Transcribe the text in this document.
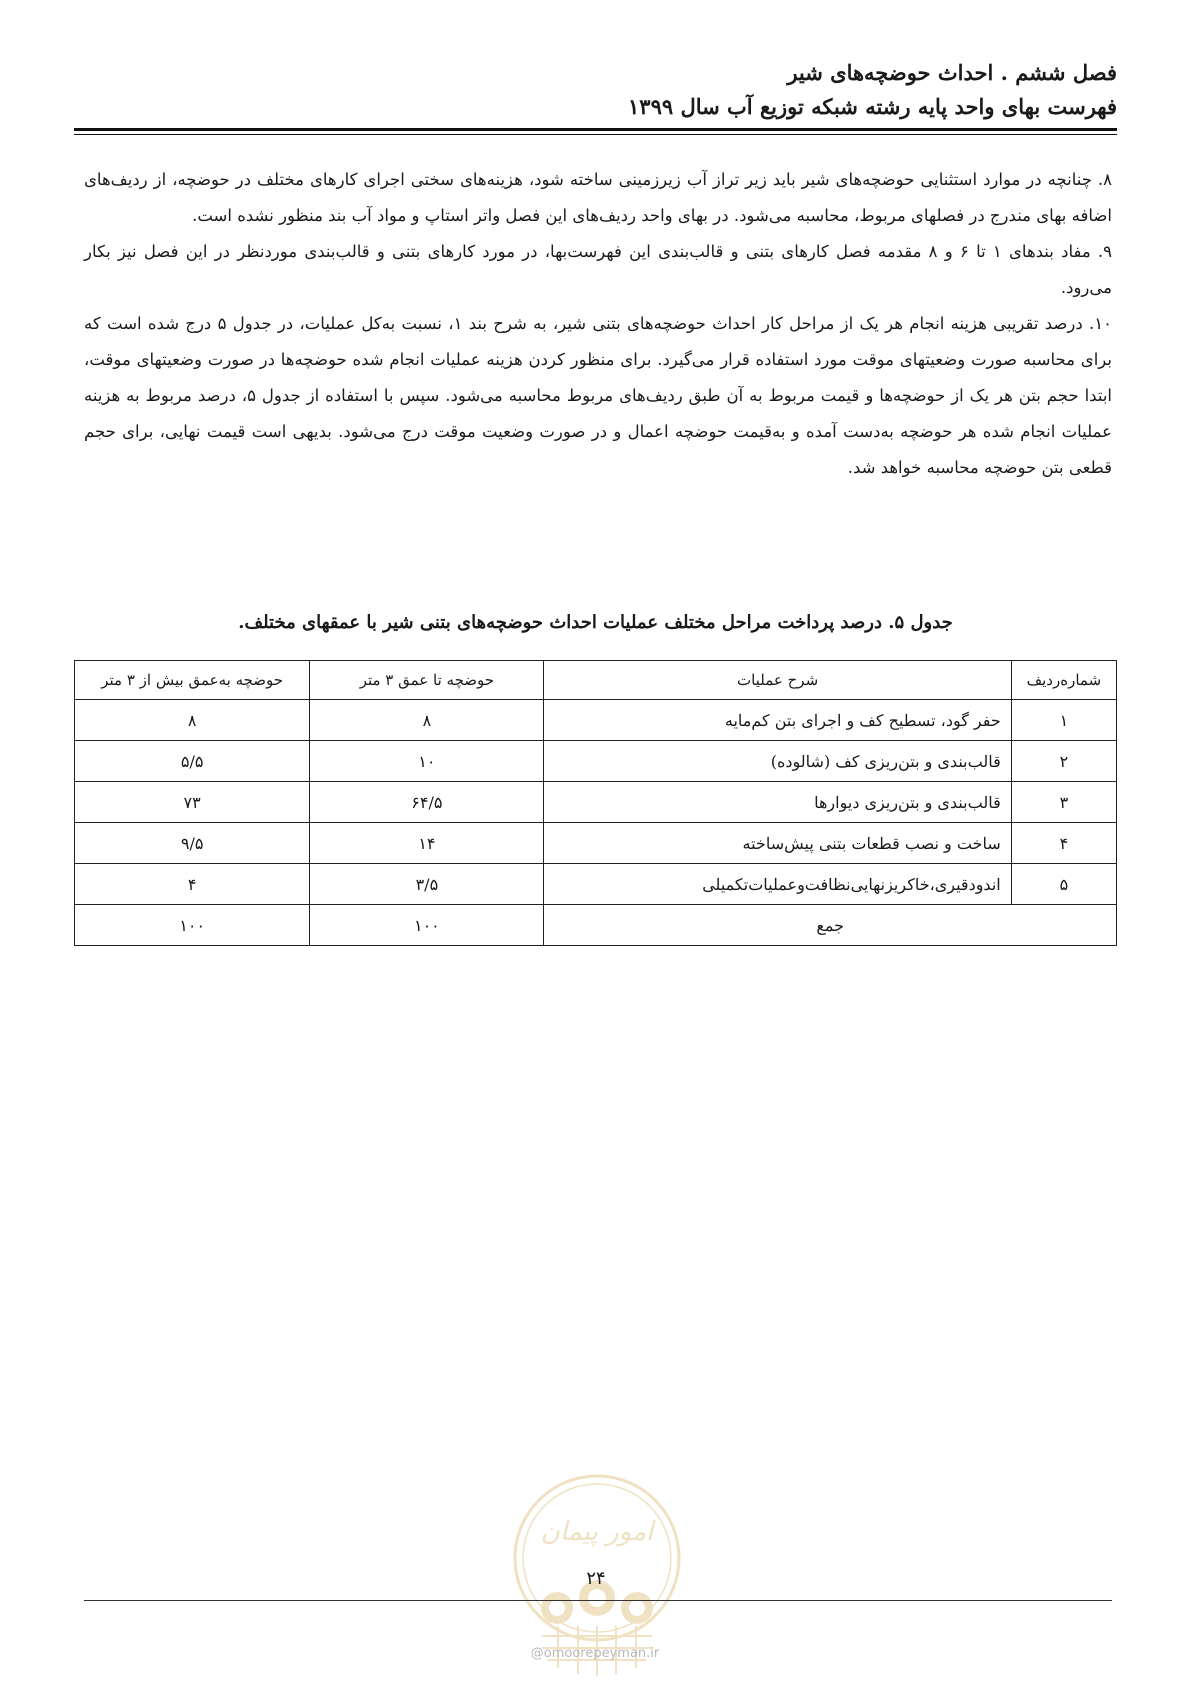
فصل ششم . احداث حوضچه‌های شیر
فهرست بهای واحد پایه رشته شبکه توزیع آب سال ۱۳۹۹

۸. چنانچه در موارد استثنایی حوضچه‌های شیر باید زیر تراز آب زیرزمینی ساخته شود، هزینه‌های سختی اجرای کارهای مختلف در حوضچه، از ردیف‌های اضافه بهای مندرج در فصلهای مربوط، محاسبه می‌شود. در بهای واحد ردیف‌های این فصل واتر استاپ و مواد آب بند منظور نشده است.

۹. مفاد بندهای ۱ تا ۶ و ۸ مقدمه فصل کارهای بتنی و قالب‌بندی این فهرست‌بها، در مورد کارهای بتنی و قالب‌بندی موردنظر در این فصل نیز بکار می‌رود.

۱۰. درصد تقریبی هزینه انجام هر یک از مراحل کار احداث حوضچه‌های بتنی شیر، به شرح بند ۱، نسبت به‌کل عملیات، در جدول ۵ درج شده است که برای محاسبه صورت وضعیتهای موقت مورد استفاده قرار می‌گیرد. برای منظور کردن هزینه عملیات انجام شده حوضچه‌ها در صورت وضعیتهای موقت، ابتدا حجم بتن هر یک از حوضچه‌ها و قیمت مربوط به آن طبق ردیف‌های مربوط محاسبه می‌شود. سپس با استفاده از جدول ۵، درصد مربوط به هزینه عملیات انجام شده هر حوضچه به‌دست آمده و به‌قیمت حوضچه اعمال و در صورت وضعیت موقت درج می‌شود. بدیهی است قیمت نهایی، برای حجم قطعی بتن حوضچه محاسبه خواهد شد.

جدول ۵. درصد پرداخت مراحل مختلف عملیات احداث حوضچه‌های بتنی شیر با عمقهای مختلف.
شماره‌ردیف	شرح عملیات	حوضچه تا عمق ۳ متر	حوضچه به‌عمق بیش از ۳ متر
۱	حفر گود، تسطیح کف و اجرای بتن کم‌مایه	۸	۸
۲	قالب‌بندی و بتن‌ریزی کف (شالوده)	۱۰	۵/۵
۳	قالب‌بندی و بتن‌ریزی دیوارها	۶۴/۵	۷۳
۴	ساخت و نصب قطعات بتنی پیش‌ساخته	۱۴	۹/۵
۵	اندودقیری،خاکریزنهایی‌نظافت‌وعملیات‌تکمیلی	۳/۵	۴
جمع		۱۰۰	۱۰۰
امور پیمان
۲۴
@omoorepeyman.ir
